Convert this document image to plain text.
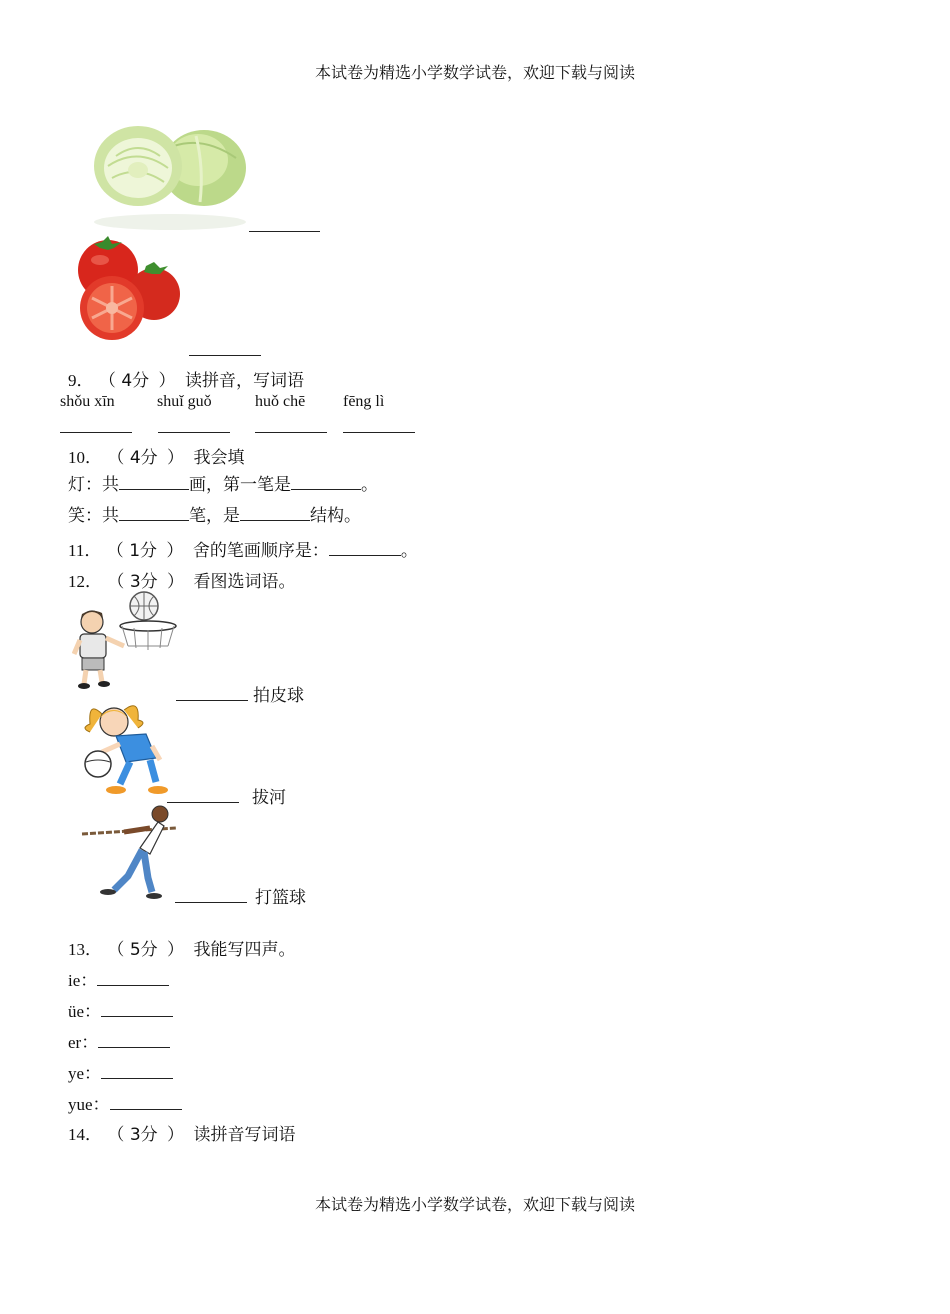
本试卷为精选小学数学试卷，欢迎下载与阅读
9． （ 4分 ） 读拼音，写词语
shǒu xīn	shuǐ guǒ	huǒ chē fēng lì
10． （ 4分 ） 我会填
灯：共	画，第一笔是	。
笑：共	笔，是	结构。
11． （ 1分 ） 舍的笔画顺序是：	。
12． （ 3分 ） 看图选词语。
拍皮球
拔河
打篮球
13． （ 5分 ） 我能写四声。
ie：
üe：
er：
ye：
yue：
14． （ 3分 ） 读拼音写词语
本试卷为精选小学数学试卷，欢迎下载与阅读
